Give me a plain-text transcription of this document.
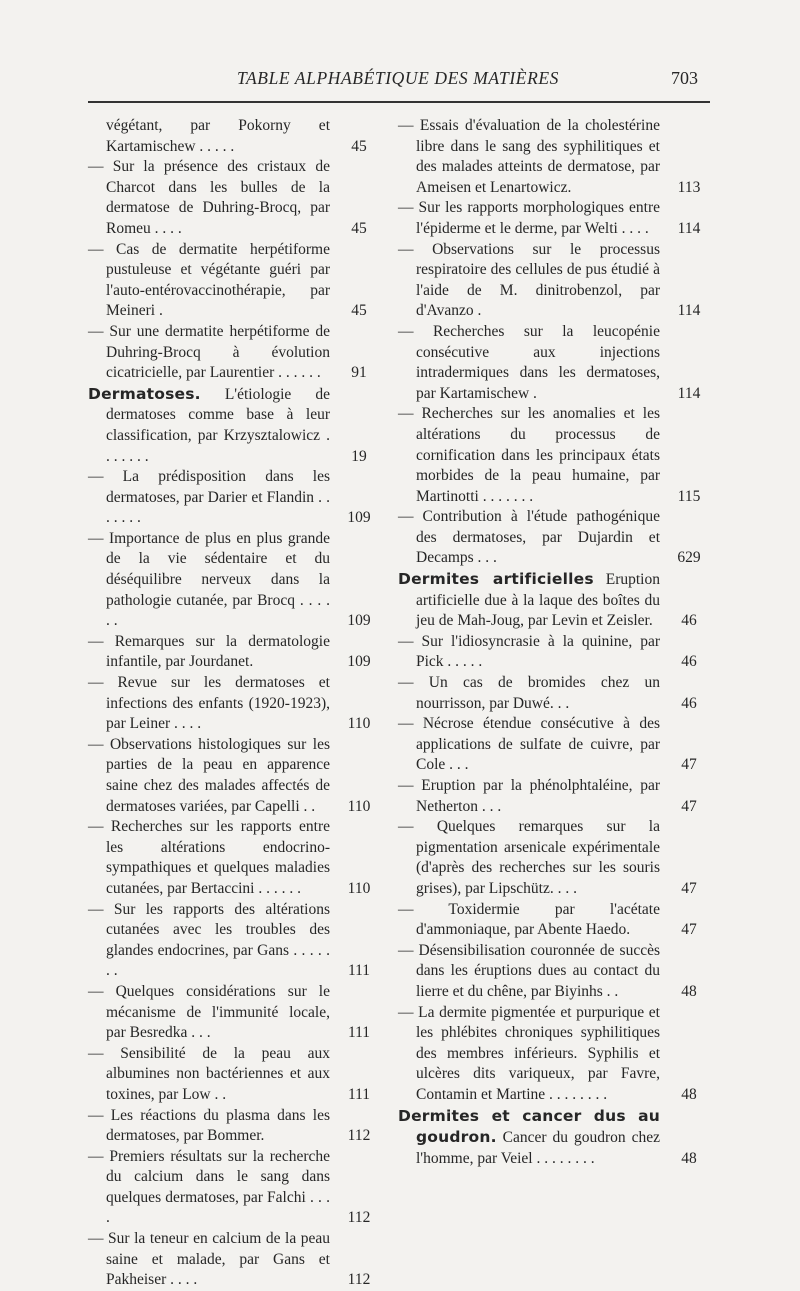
TABLE ALPHABÉTIQUE DES MATIÈRES	703
végétant, par Pokorny et Kartamischew . . . . .	45
— Sur la présence des cristaux de Charcot dans les bulles de la dermatose de Duhring-Brocq, par Romeu . . . .	45
— Cas de dermatite herpétiforme pustuleuse et végétante guéri par l'auto-entérovaccinothérapie, par Meineri .	45
— Sur une dermatite herpétiforme de Duhring-Brocq à évolution cicatricielle, par Laurentier . . . . . .	91
Dermatoses. L'étiologie de dermatoses comme base à leur classification, par Krzysztalowicz . . . . . . .	19
— La prédisposition dans les dermatoses, par Darier et Flandin . . . . . . .	109
— Importance de plus en plus grande de la vie sédentaire et du déséquilibre nerveux dans la pathologie cutanée, par Brocq . . . . . .	109
— Remarques sur la dermatologie infantile, par Jourdanet.	109
— Revue sur les dermatoses et infections des enfants (1920-1923), par Leiner . . . .	110
— Observations histologiques sur les parties de la peau en apparence saine chez des malades affectés de dermatoses variées, par Capelli . .	110
— Recherches sur les rapports entre les altérations endocrino-sympathiques et quelques maladies cutanées, par Bertaccini . . . . . .	110
— Sur les rapports des altérations cutanées avec les troubles des glandes endocrines, par Gans . . . . . . .	111
— Quelques considérations sur le mécanisme de l'immunité locale, par Besredka . . .	111
— Sensibilité de la peau aux albumines non bactériennes et aux toxines, par Low . .	111
— Les réactions du plasma dans les dermatoses, par Bommer.	112
— Premiers résultats sur la recherche du calcium dans le sang dans quelques dermatoses, par Falchi . . . .	112
— Sur la teneur en calcium de la peau saine et malade, par Gans et Pakheiser . . . .	112
— Essais d'évaluation de la cholestérine libre dans le sang des syphilitiques et des malades atteints de dermatose, par Ameisen et Lenartowicz.	113
— Sur les rapports morphologiques entre l'épiderme et le derme, par Welti . . . .	114
— Observations sur le processus respiratoire des cellules de pus étudié à l'aide de M. dinitrobenzol, par d'Avanzo .	114
— Recherches sur la leucopénie consécutive aux injections intradermiques dans les dermatoses, par Kartamischew .	114
— Recherches sur les anomalies et les altérations du processus de cornification dans les principaux états morbides de la peau humaine, par Martinotti . . . . . . .	115
— Contribution à l'étude pathogénique des dermatoses, par Dujardin et Decamps . . .	629
Dermites artificielles Eruption artificielle due à la laque des boîtes du jeu de Mah-Joug, par Levin et Zeisler.	46
— Sur l'idiosyncrasie à la quinine, par Pick . . . . .	46
— Un cas de bromides chez un nourrisson, par Duwé. . .	46
— Nécrose étendue consécutive à des applications de sulfate de cuivre, par Cole . . .	47
— Eruption par la phénolphtaléine, par Netherton . . .	47
— Quelques remarques sur la pigmentation arsenicale expérimentale (d'après des recherches sur les souris grises), par Lipschütz. . . .	47
— Toxidermie par l'acétate d'ammoniaque, par Abente Haedo.	47
— Désensibilisation couronnée de succès dans les éruptions dues au contact du lierre et du chêne, par Biyinhs . .	48
— La dermite pigmentée et purpurique et les phlébites chroniques syphilitiques des membres inférieurs. Syphilis et ulcères dits variqueux, par Favre, Contamin et Martine . . . . . . . .	48
Dermites et cancer dus au goudron. Cancer du goudron chez l'homme, par Veiel . . . . . . . .	48
